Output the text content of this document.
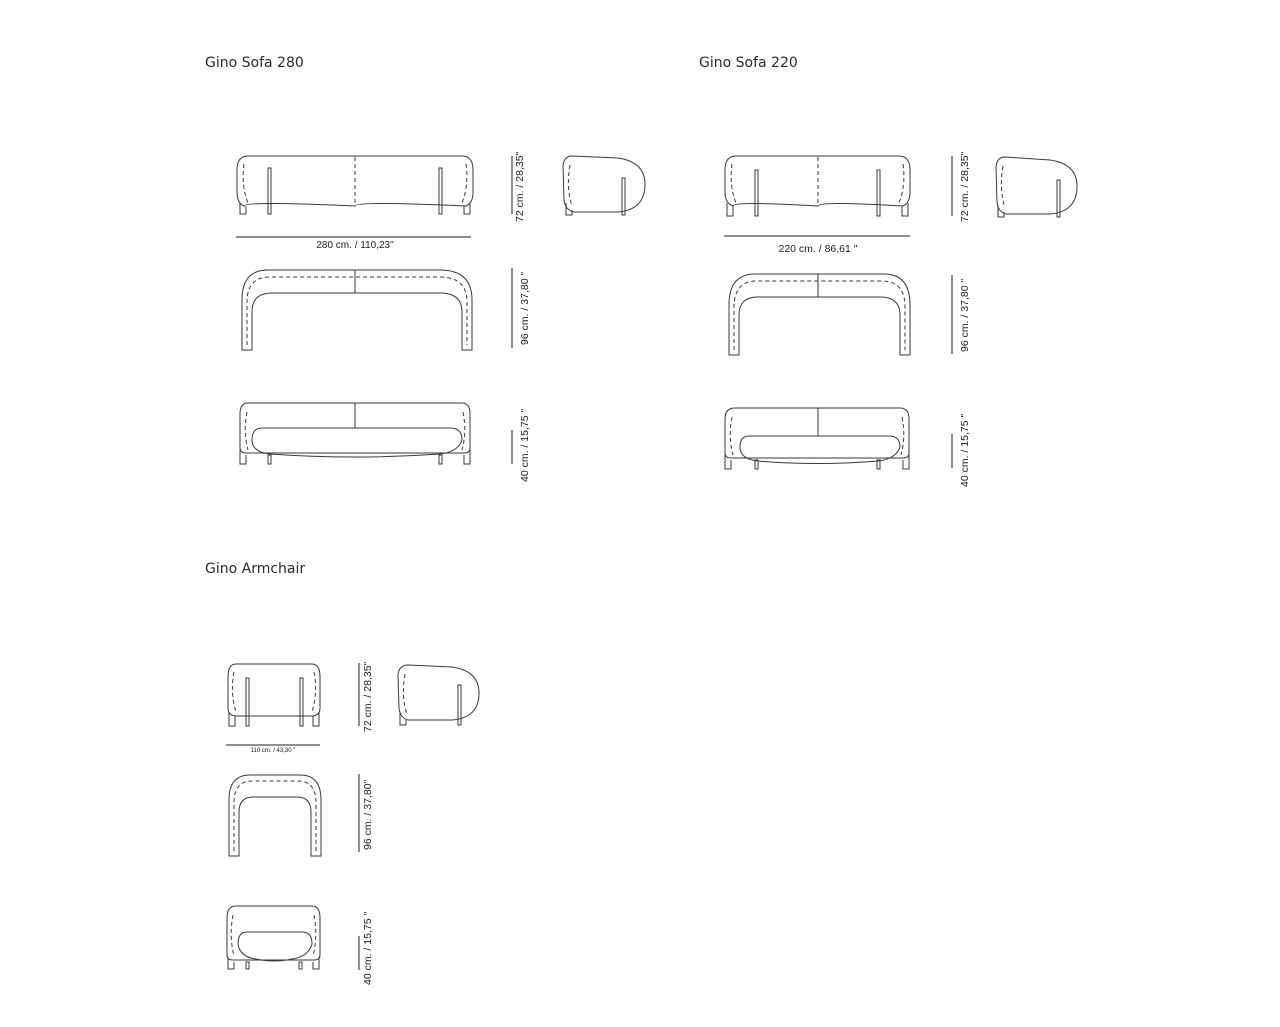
Gino Sofa 280	Gino Sofa 220
Gino Armchair
280 cm. / 110,23"
72 cm. / 28,35"
96 cm. / 37,80 "
40 cm. / 15,75 "
220 cm. / 86,61 "
72 cm. / 28,35"
96 cm. / 37,80 "
40 cm. / 15,75 "
110 cm. / 43,30 "
72 cm. / 28,35"
96 cm. / 37,80"
40 cm. / 15,75 "
